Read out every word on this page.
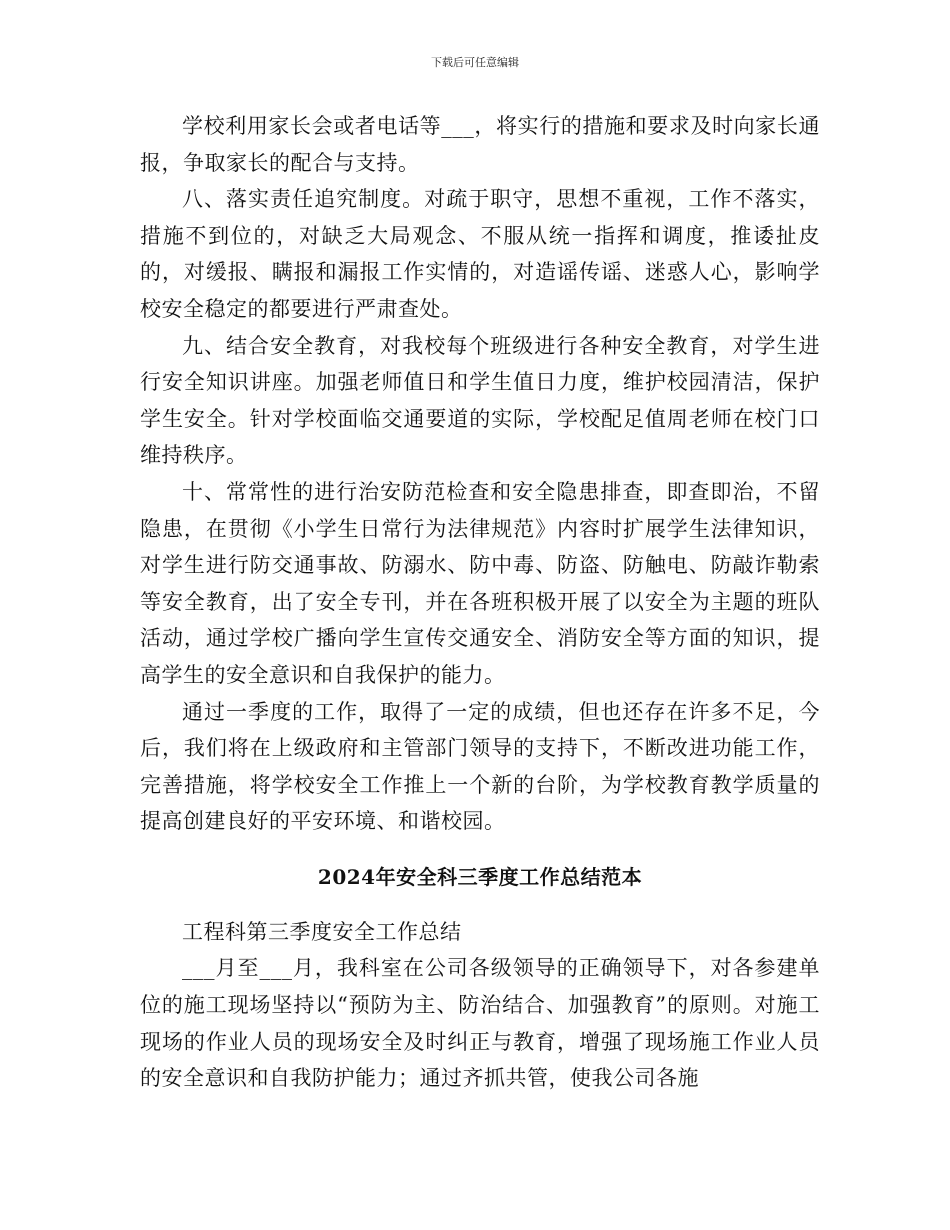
下载后可任意编辑

学校利用家长会或者电话等___，将实行的措施和要求及时向家长通报，争取家长的配合与支持。

八、落实责任追究制度。对疏于职守，思想不重视，工作不落实，措施不到位的，对缺乏大局观念、不服从统一指挥和调度，推诿扯皮的，对缓报、瞒报和漏报工作实情的，对造谣传谣、迷惑人心，影响学校安全稳定的都要进行严肃查处。

九、结合安全教育，对我校每个班级进行各种安全教育，对学生进行安全知识讲座。加强老师值日和学生值日力度，维护校园清洁，保护学生安全。针对学校面临交通要道的实际，学校配足值周老师在校门口维持秩序。

十、常常性的进行治安防范检查和安全隐患排查，即查即治，不留隐患，在贯彻《小学生日常行为法律规范》内容时扩展学生法律知识，对学生进行防交通事故、防溺水、防中毒、防盗、防触电、防敲诈勒索等安全教育，出了安全专刊，并在各班积极开展了以安全为主题的班队活动，通过学校广播向学生宣传交通安全、消防安全等方面的知识，提高学生的安全意识和自我保护的能力。

通过一季度的工作，取得了一定的成绩，但也还存在许多不足，今后，我们将在上级政府和主管部门领导的支持下，不断改进功能工作，完善措施，将学校安全工作推上一个新的台阶，为学校教育教学质量的提高创建良好的平安环境、和谐校园。

2024年安全科三季度工作总结范本

工程科第三季度安全工作总结

___月至___月，我科室在公司各级领导的正确领导下，对各参建单位的施工现场坚持以“预防为主、防治结合、加强教育”的原则。对施工现场的作业人员的现场安全及时纠正与教育，增强了现场施工作业人员的安全意识和自我防护能力；通过齐抓共管，使我公司各施
